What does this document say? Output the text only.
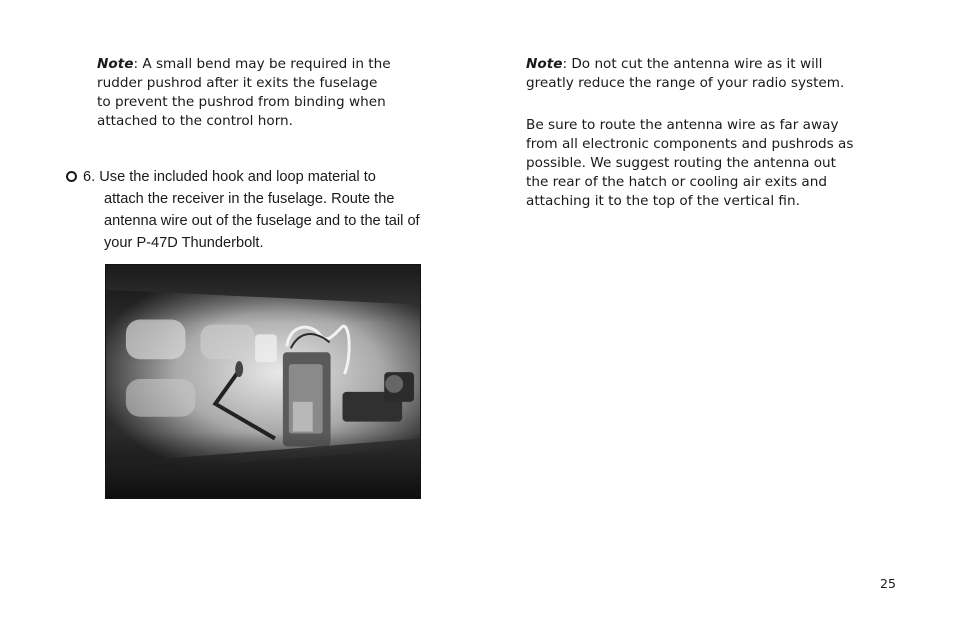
Note: A small bend may be required in the
rudder pushrod after it exits the fuselage
to prevent the pushrod from binding when
attached to the control horn.
6. Use the included hook and loop material to
attach the receiver in the fuselage. Route the
antenna wire out of the fuselage and to the tail of
your P-47D Thunderbolt.
Note: Do not cut the antenna wire as it will
greatly reduce the range of your radio system.
Be sure to route the antenna wire as far away
from all electronic components and pushrods as
possible. We suggest routing the antenna out
the rear of the hatch or cooling air exits and
attaching it to the top of the vertical fin.
25
